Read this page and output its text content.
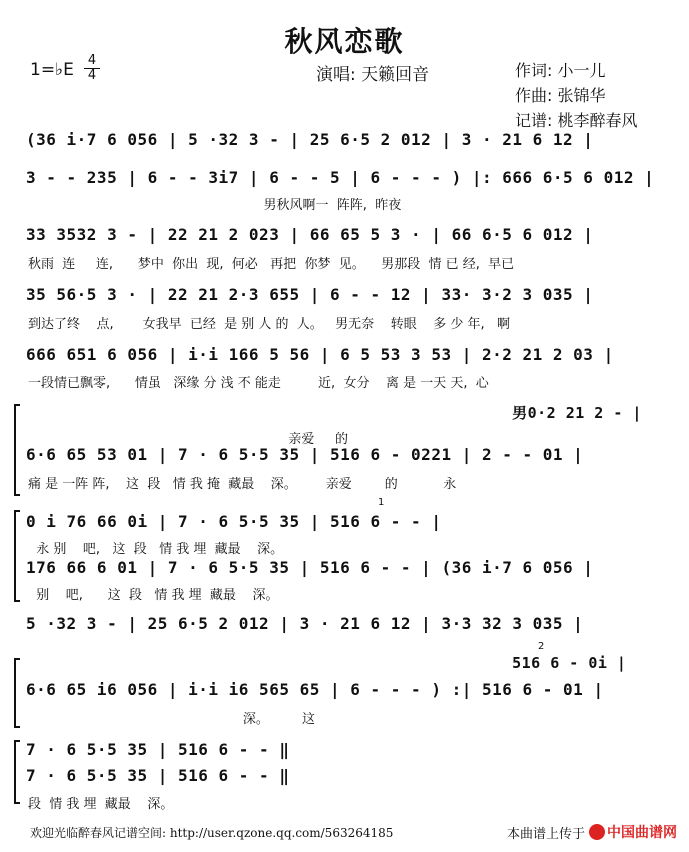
秋风恋歌
1=♭E 4
4	演唱: 天籁回音	作词: 小一儿
作曲: 张锦华
记谱: 桃李醉春风
(36 i·7 6 056 | 5 ·32 3 - | 25 6·5 2 012 | 3 · 21 6 12 |
3 - - 235 | 6 - - 3i7 | 6 - - 5 | 6 - - - ) |: 666 6·5 6 012 |
男秋风啊一  阵阵,  昨夜
33 3532 3 - | 22 21 2 023 | 66 65 5 3 · | 66 6·5 6 012 |
秋雨  连     连,      梦中  你出  现,  何必   再把  你梦  见。    男那段  情 已 经,  早已
35 56·5 3 · | 22 21 2·3 655 | 6 - - 12 | 33· 3·2 3 035 |
到达了终    点,       女我早  已经  是 别 人 的  人。   男无奈    转眼    多 少 年,   啊
666 651 6 056 | i·i 166 5 56 | 6 5 53 3 53 | 2·2 21 2 03 |
一段情已飘零,      情虽   深缘 分 浅 不 能走         近,  女分    离 是 一天 天,  心
男0·2 21 2 - |
亲爱     的
6·6 65 53 01 | 7 · 6 5·5 35 | 516 6 - 0221 | 2 - - 01 |
痛 是 一阵 阵,    这  段   情 我 掩  藏最    深。       亲爱        的           永
1
0 i 76 66 0i | 7 · 6 5·5 35 | 516 6 - - |
永 别    吧,   这  段   情 我 埋  藏最    深。
176 66 6 01 | 7 · 6 5·5 35 | 516 6 - - | (36 i·7 6 056 |
别    吧,      这  段   情 我 埋  藏最    深。
5 ·32 3 - | 25 6·5 2 012 | 3 · 21 6 12 | 3·3 32 3 035 |
2
516 6 - 0i |
6·6 65 i6 056 | i·i i6 565 65 | 6 - - - ) :| 516 6 - 01 |
深。        这
7 · 6 5·5 35 | 516 6 - - ‖
7 · 6 5·5 35 | 516 6 - - ‖
段  情 我 埋  藏最    深。
欢迎光临醉春风记谱空间: http://user.qzone.qq.com/563264185	本曲谱上传于 中国曲谱网
